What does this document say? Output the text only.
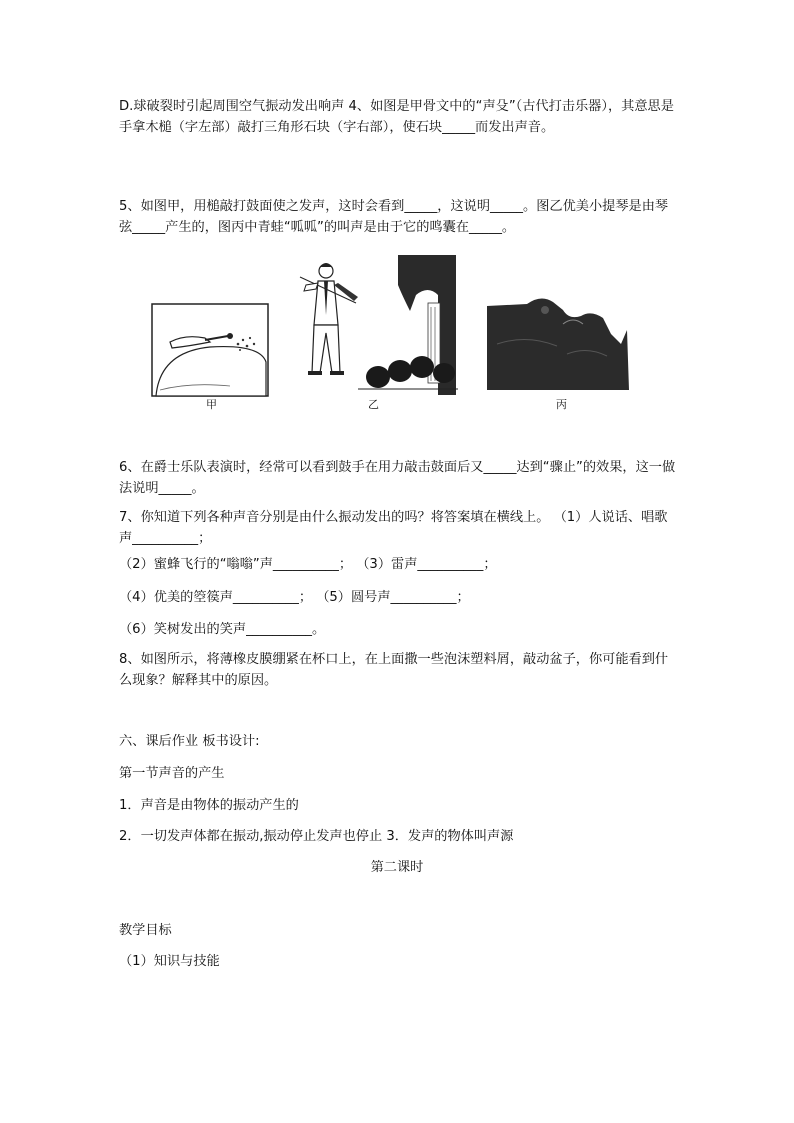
D.球破裂时引起周围空气振动发出响声 4、如图是甲骨文中的“声殳”（古代打击乐器），其意思是手拿木槌（字左部）敲打三角形石块（字右部），使石块_____而发出声音。

5、如图甲，用槌敲打鼓面使之发声，这时会看到_____，这说明_____。图乙优美小提琴是由琴弦_____产生的，图丙中青蛙“呱呱”的叫声是由于它的鸣囊在_____。

甲	乙	丙

6、在爵士乐队表演时，经常可以看到鼓手在用力敲击鼓面后又_____达到“骤止”的效果，这一做法说明_____。

7、你知道下列各种声音分别是由什么振动发出的吗？将答案填在横线上。 （1）人说话、唱歌声__________；

（2）蜜蜂飞行的“嗡嗡”声__________； （3）雷声__________；

（4）优美的箜篌声__________； （5）圆号声__________；

（6）笑树发出的笑声__________。

8、如图所示，将薄橡皮膜绷紧在杯口上，在上面撒一些泡沫塑料屑，敲动盆子，你可能看到什么现象？解释其中的原因。

六、课后作业 板书设计:

第一节声音的产生

1．声音是由物体的振动产生的

2．一切发声体都在振动,振动停止发声也停止 3．发声的物体叫声源

第二课时

教学目标

（1）知识与技能
